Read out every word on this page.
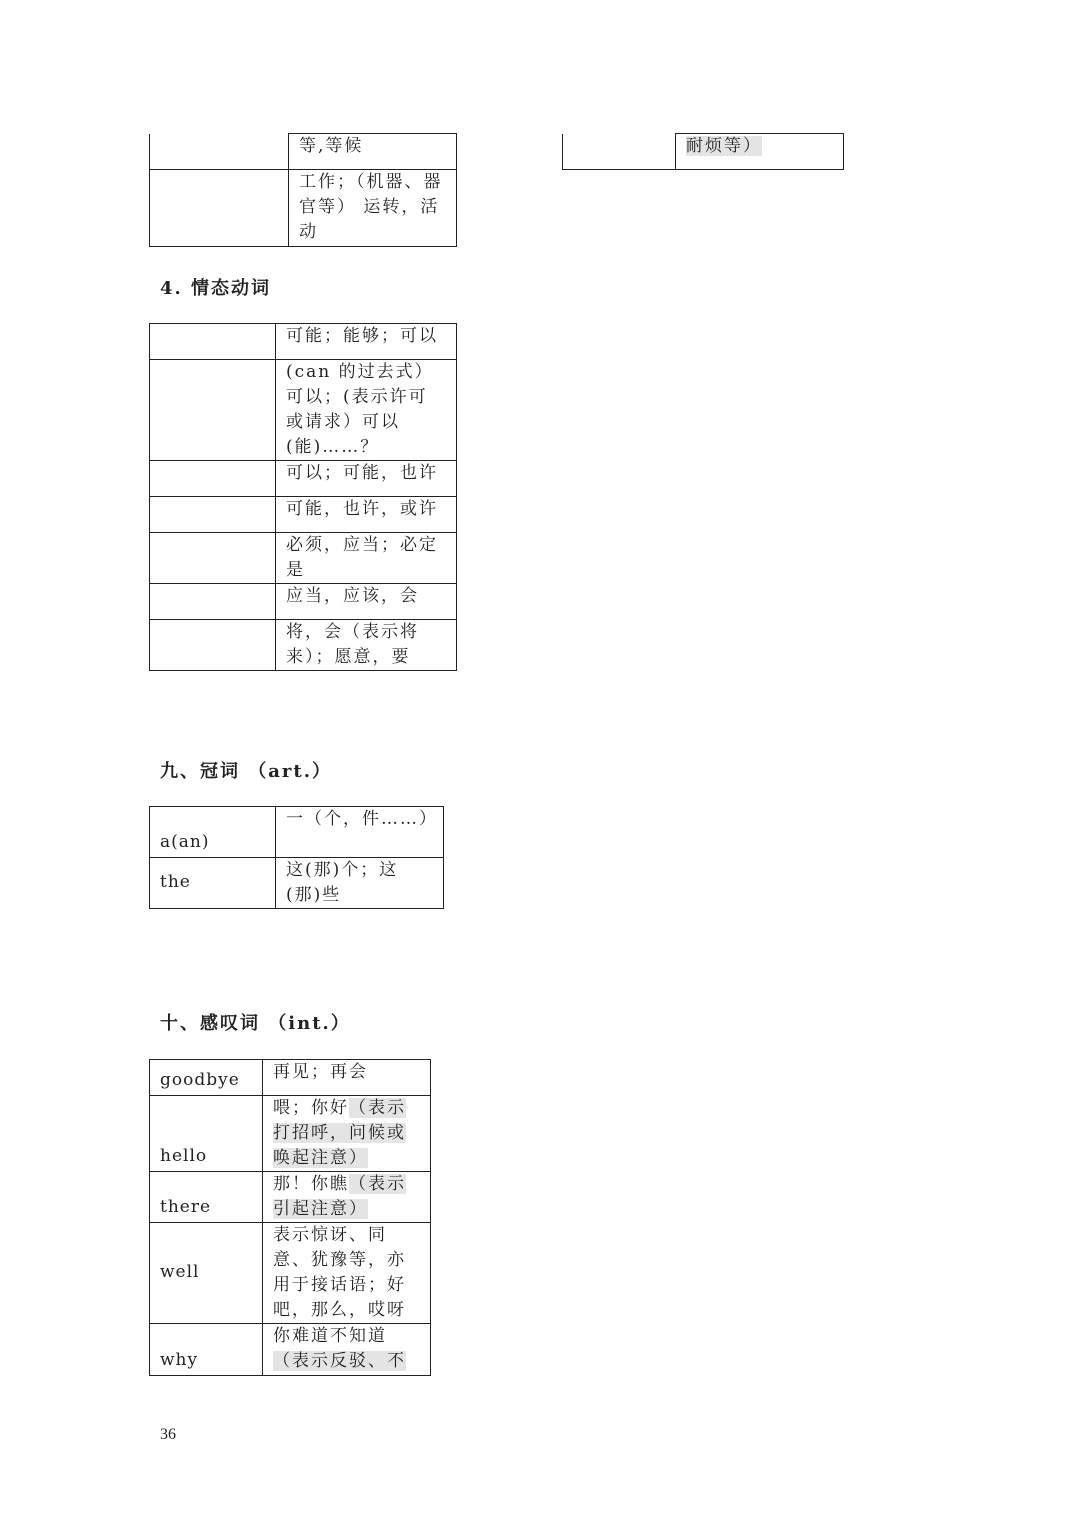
	等,等候
	工作；（机器、器官等） 运转，活动
	耐烦等）
4. 情态动词
	可能；能够；可以
	(can 的过去式）可以；(表示许可或请求）可以(能)……？
	可以；可能，也许
	可能，也许，或许
	必须，应当；必定是
	应当，应该，会
	将，会（表示将来）；愿意，要
九、冠词 （art.）
a(an)	一（个，件……）
the	这(那)个；这(那)些
十、感叹词 （int.）
goodbye	再见；再会
hello	喂；你好（表示打招呼，问候或唤起注意）
there	那！你瞧（表示引起注意）
well	表示惊讶、同意、犹豫等，亦用于接话语；好吧，那么，哎呀
why	你难道不知道（表示反驳、不
36
